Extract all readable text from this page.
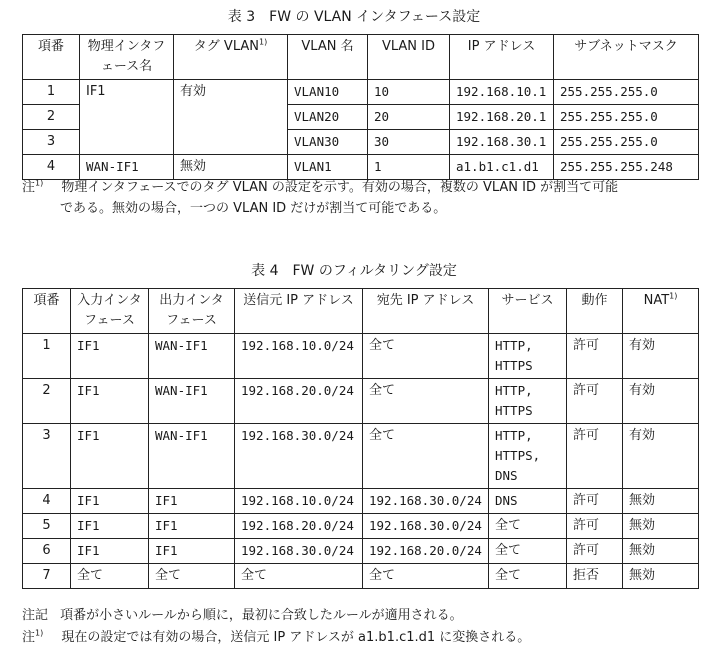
表 3　FW の VLAN インタフェース設定
項番	物理インタフェース名	タグ VLAN$^{1)}$	VLAN 名	VLAN ID	IP アドレス	サブネットマスク
1	IF1	有効	VLAN10	10	192.168.10.1	255.255.255.0
2			VLAN20	20	192.168.20.1	255.255.255.0
3			VLAN30	30	192.168.30.1	255.255.255.0
4	WAN-IF1	無効	VLAN1	1	a1.b1.c1.d1	255.255.255.248
注$^{1)}$ 物理インタフェースでのタグ VLAN の設定を示す。有効の場合，複数の VLAN ID が割当て可能
である。無効の場合，一つの VLAN ID だけが割当て可能である。
表 4　FW のフィルタリング設定
項番	入力インタフェース	出力インタフェース	送信元 IP アドレス	宛先 IP アドレス	サービス	動作	NAT$^{1)}$
1	IF1	WAN-IF1	192.168.10.0/24	全て	HTTP, HTTPS	許可	有効
2	IF1	WAN-IF1	192.168.20.0/24	全て	HTTP, HTTPS	許可	有効
3	IF1	WAN-IF1	192.168.30.0/24	全て	HTTP, HTTPS, DNS	許可	有効
4	IF1	IF1	192.168.10.0/24	192.168.30.0/24	DNS	許可	無効
5	IF1	IF1	192.168.20.0/24	192.168.30.0/24	全て	許可	無効
6	IF1	IF1	192.168.30.0/24	192.168.20.0/24	全て	許可	無効
7	全て	全て	全て	全て	全て	拒否	無効
注記 項番が小さいルールから順に，最初に合致したルールが適用される。
注$^{1)}$ 現在の設定では有効の場合，送信元 IP アドレスが a1.b1.c1.d1 に変換される。
